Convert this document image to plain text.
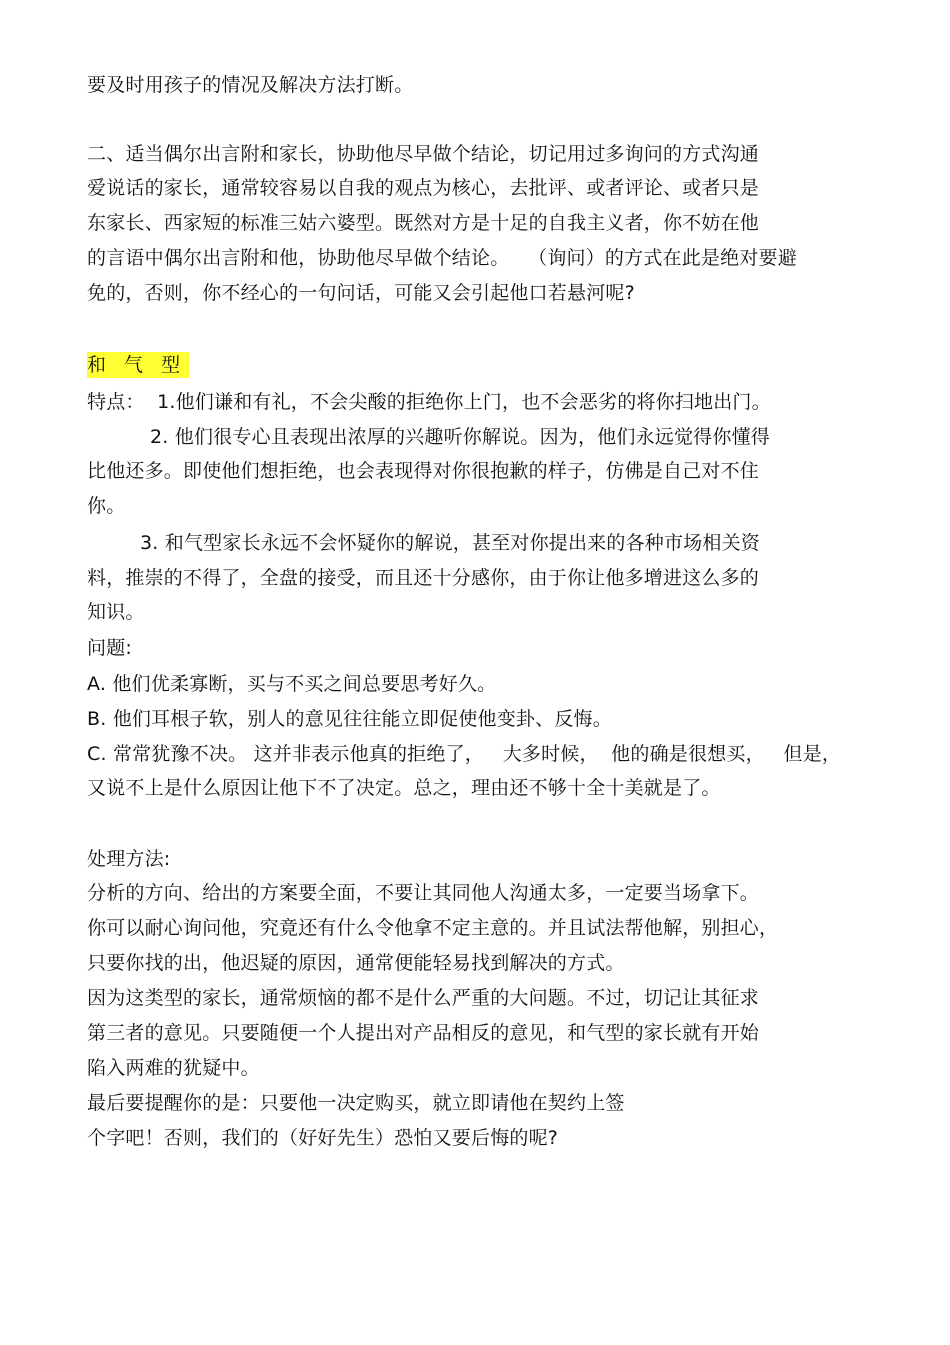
要及时用孩子的情况及解决方法打断。
二、适当偶尔出言附和家长，协助他尽早做个结论，切记用过多询问的方式沟通
爱说话的家长，通常较容易以自我的观点为核心，去批评、或者评论、或者只是
东家长、西家短的标准三姑六婆型。既然对方是十足的自我主义者，你不妨在他
的言语中偶尔出言附和他，协助他尽早做个结论。   （询问）的方式在此是绝对要避
免的，否则，你不经心的一句问话，可能又会引起他口若悬河呢?
和 气 型
特点：  1.他们谦和有礼，不会尖酸的拒绝你上门，也不会恶劣的将你扫地出门。
2. 他们很专心且表现出浓厚的兴趣听你解说。因为，他们永远觉得你懂得
比他还多。即使他们想拒绝，也会表现得对你很抱歉的样子，仿佛是自己对不住
你。
3. 和气型家长永远不会怀疑你的解说，甚至对你提出来的各种市场相关资
料，推崇的不得了，全盘的接受，而且还十分感你，由于你让他多增进这么多的
知识。
问题:
A. 他们优柔寡断，买与不买之间总要思考好久。
B. 他们耳根子软，别人的意见往往能立即促使他变卦、反悔。
C. 常常犹豫不决。 这并非表示他真的拒绝了，   大多时候，  他的确是很想买，   但是，
又说不上是什么原因让他下不了决定。总之，理由还不够十全十美就是了。
处理方法:
分析的方向、给出的方案要全面，不要让其同他人沟通太多，一定要当场拿下。
你可以耐心询问他，究竟还有什么令他拿不定主意的。并且试法帮他解，别担心，
只要你找的出，他迟疑的原因，通常便能轻易找到解决的方式。
因为这类型的家长，通常烦恼的都不是什么严重的大问题。不过，切记让其征求
第三者的意见。只要随便一个人提出对产品相反的意见，和气型的家长就有开始
陷入两难的犹疑中。
最后要提醒你的是：只要他一决定购买，就立即请他在契约上签
个字吧！否则，我们的（好好先生）恐怕又要后悔的呢?
